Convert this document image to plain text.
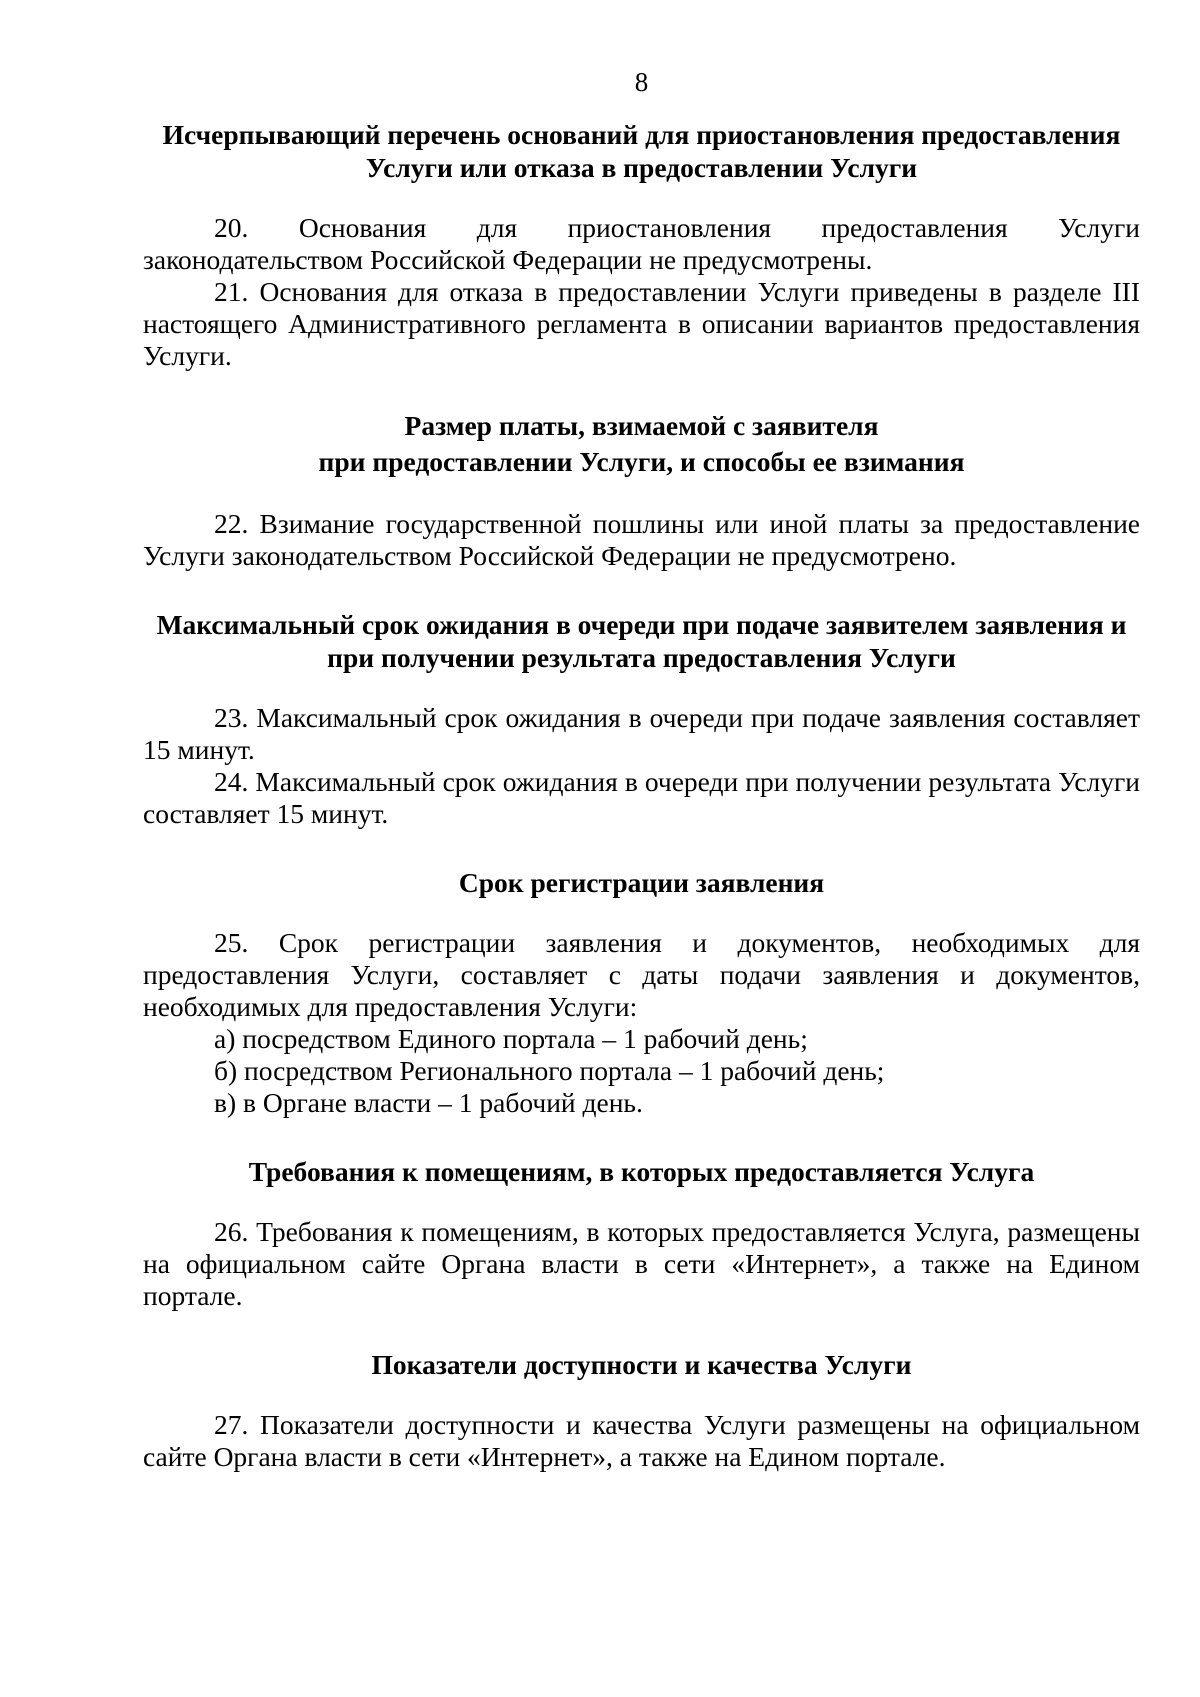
8
Исчерпывающий перечень оснований для приостановления предоставления Услуги или отказа в предоставлении Услуги

20. Основания для приостановления предоставления Услуги законодательством Российской Федерации не предусмотрены.

21. Основания для отказа в предоставлении Услуги приведены в разделе III настоящего Административного регламента в описании вариантов предоставления Услуги.

Размер платы, взимаемой с заявителя
при предоставлении Услуги, и способы ее взимания

22. Взимание государственной пошлины или иной платы за предоставление Услуги законодательством Российской Федерации не предусмотрено.

Максимальный срок ожидания в очереди при подаче заявителем заявления и при получении результата предоставления Услуги

23. Максимальный срок ожидания в очереди при подаче заявления составляет 15 минут.

24. Максимальный срок ожидания в очереди при получении результата Услуги составляет 15 минут.

Срок регистрации заявления

25. Срок регистрации заявления и документов, необходимых для предоставления Услуги, составляет с даты подачи заявления и документов, необходимых для предоставления Услуги:

а) посредством Единого портала – 1 рабочий день;

б) посредством Регионального портала – 1 рабочий день;

в) в Органе власти – 1 рабочий день.

Требования к помещениям, в которых предоставляется Услуга

26. Требования к помещениям, в которых предоставляется Услуга, размещены на официальном сайте Органа власти в сети «Интернет», а также на Едином портале.

Показатели доступности и качества Услуги

27. Показатели доступности и качества Услуги размещены на официальном сайте Органа власти в сети «Интернет», а также на Едином портале.
